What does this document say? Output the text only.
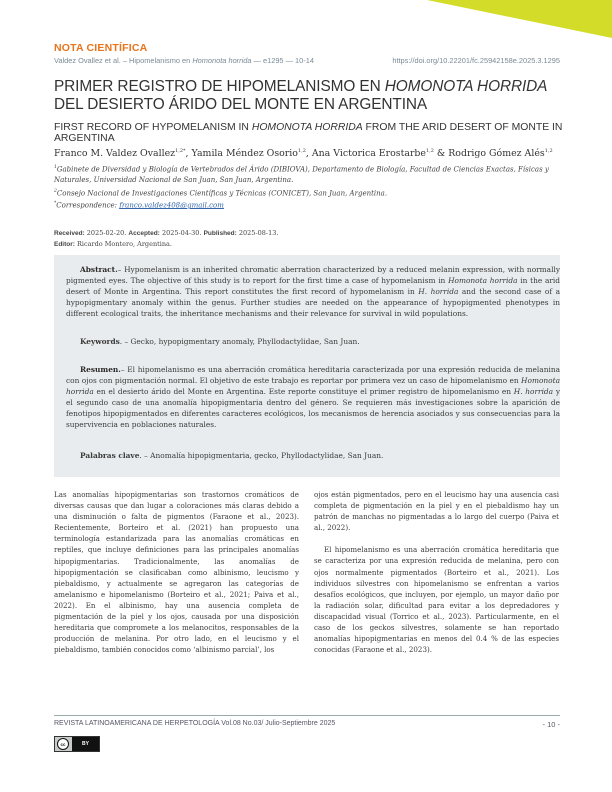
NOTA CIENTÍFICA
Valdez Ovallez et al. – Hipomelanismo en Homonota horrida — e1295 — 10-14	https://doi.org/10.22201/fc.25942158e.2025.3.1295
PRIMER REGISTRO DE HIPOMELANISMO EN HOMONOTA HORRIDA DEL DESIERTO ÁRIDO DEL MONTE EN ARGENTINA
FIRST RECORD OF HYPOMELANISM IN HOMONOTA HORRIDA FROM THE ARID DESERT OF MONTE IN ARGENTINA
Franco M. Valdez Ovallez$^{1,2*}$, Yamila Méndez Osorio$^{1,2}$, Ana Victorica Erostarbe$^{1,2}$ & Rodrigo Gómez Alés$^{1,2}$
$^1$Gabinete de Diversidad y Biología de Vertebrados del Árido (DIBIOVA), Departamento de Biología, Facultad de Ciencias Exactas, Físicas y Naturales, Universidad Nacional de San Juan, San Juan, Argentina.
$^2$Consejo Nacional de Investigaciones Científicas y Técnicas (CONICET), San Juan, Argentina.
*Correspondence: franco.valdez408@gmail.com
Received: 2025-02-20. Accepted: 2025-04-30. Published: 2025-08-13.
Editor: Ricardo Montero, Argentina.
Abstract.– Hypomelanism is an inherited chromatic aberration characterized by a reduced melanin expression, with normally pigmented eyes. The objective of this study is to report for the first time a case of hypomelanism in Homonota horrida in the arid desert of Monte in Argentina. This report constitutes the first record of hypomelanism in H. horrida and the second case of a hypopigmentary anomaly within the genus. Further studies are needed on the appearance of hypopigmented phenotypes in different ecological traits, the inheritance mechanisms and their relevance for survival in wild populations.
Keywords. – Gecko, hypopigmentary anomaly, Phyllodactylidae, San Juan.
Resumen.– El hipomelanismo es una aberración cromática hereditaria caracterizada por una expresión reducida de melanina con ojos con pigmentación normal. El objetivo de este trabajo es reportar por primera vez un caso de hipomelanismo en Homonota horrida en el desierto árido del Monte en Argentina. Este reporte constituye el primer registro de hipomelanismo en H. horrida y el segundo caso de una anomalía hipopigmentaria dentro del género. Se requieren más investigaciones sobre la aparición de fenotipos hipopigmentados en diferentes caracteres ecológicos, los mecanismos de herencia asociados y sus consecuencias para la supervivencia en poblaciones naturales.
Palabras clave. – Anomalía hipopigmentaria, gecko, Phyllodactylidae, San Juan.

Las anomalías hipopigmentarias son trastornos cromáticos de diversas causas que dan lugar a coloraciones más claras debido a una disminución o falta de pigmentos (Faraone et al., 2023). Recientemente, Borteiro et al. (2021) han propuesto una terminología estandarizada para las anomalías cromáticas en reptiles, que incluye definiciones para las principales anomalías hipopigmentarias. Tradicionalmente, las anomalías de hipopigmentación se clasificaban como albinismo, leucismo y piebaldismo, y actualmente se agregaron las categorías de amelanismo e hipomelanismo (Borteiro et al., 2021; Paiva et al., 2022). En el albinismo, hay una ausencia completa de pigmentación de la piel y los ojos, causada por una disposición hereditaria que compromete a los melanocitos, responsables de la producción de melanina. Por otro lado, en el leucismo y el piebaldismo, también conocidos como ‘albinismo parcial’, los

ojos están pigmentados, pero en el leucismo hay una ausencia casi completa de pigmentación en la piel y en el piebaldismo hay un patrón de manchas no pigmentadas a lo largo del cuerpo (Paiva et al., 2022).

El hipomelanismo es una aberración cromática hereditaria que se caracteriza por una expresión reducida de melanina, pero con ojos normalmente pigmentados (Borteiro et al., 2021). Los individuos silvestres con hipomelanismo se enfrentan a varios desafíos ecológicos, que incluyen, por ejemplo, un mayor daño por la radiación solar, dificultad para evitar a los depredadores y discapacidad visual (Torrico et al., 2023). Particularmente, en el caso de los geckos silvestres, solamente se han reportado anomalías hipopigmentarias en menos del 0.4 % de las especies conocidas (Faraone et al., 2023).

REVISTA LATINOAMERICANA DE HERPETOLOGÍA Vol.08 No.03/ Julio-Septiembre 2025	- 10 -
cc	BY
